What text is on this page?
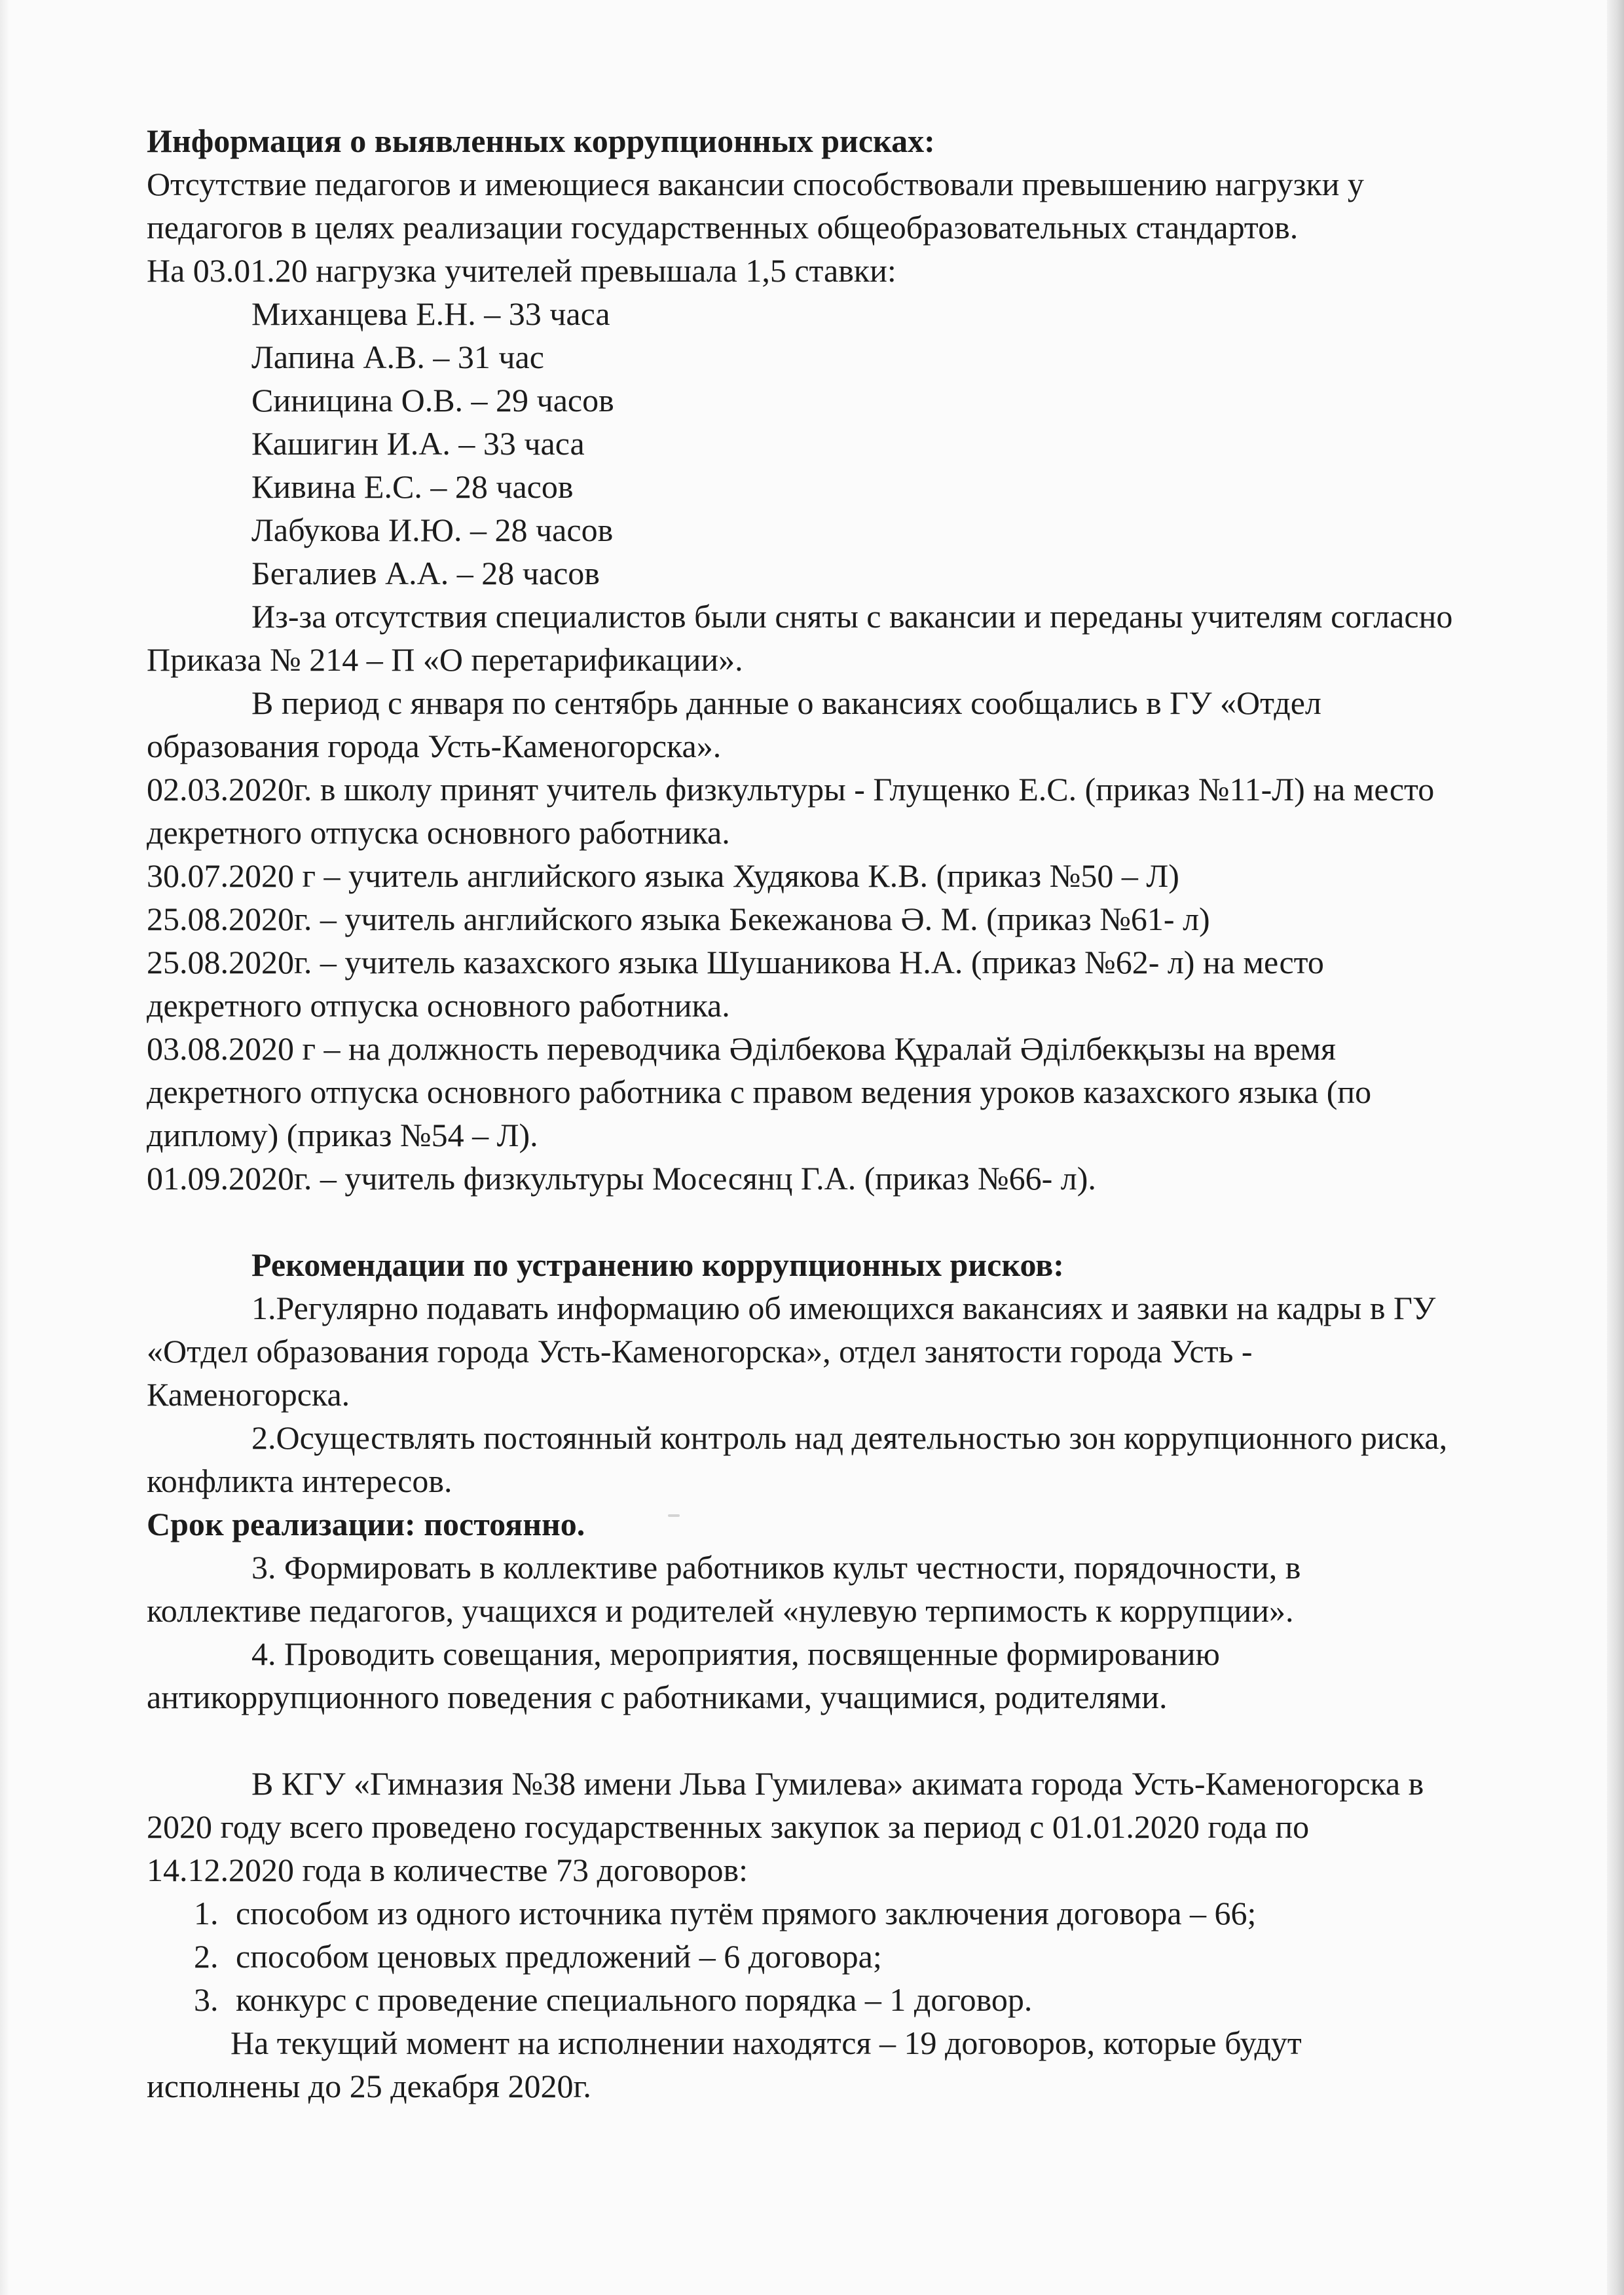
Информация о выявленных коррупционных рисках:

Отсутствие педагогов и имеющиеся вакансии способствовали превышению нагрузки у педагогов в целях реализации государственных общеобразовательных стандартов.

На 03.01.20 нагрузка учителей превышала 1,5 ставки:

Миханцева Е.Н. – 33 часа
Лапина А.В. – 31 час
Синицина О.В. – 29 часов
Кашигин И.А. – 33 часа
Кивина Е.С. – 28 часов
Лабукова И.Ю. – 28 часов
Бегалиев А.А. – 28 часов

Из-за отсутствия специалистов были сняты с вакансии и переданы учителям согласно Приказа № 214 – П «О перетарификации».

В период с января по сентябрь данные о вакансиях сообщались в ГУ «Отдел образования города Усть-Каменогорска».

02.03.2020г. в школу принят учитель физкультуры - Глущенко Е.С. (приказ №11-Л) на место декретного отпуска основного работника.

30.07.2020 г – учитель английского языка Худякова К.В. (приказ №50 – Л)

25.08.2020г. – учитель английского языка Бекежанова Ә. М. (приказ №61- л)

25.08.2020г. – учитель казахского языка Шушаникова Н.А. (приказ №62- л) на место декретного отпуска основного работника.

03.08.2020 г – на должность переводчика Әділбекова Құралай Әділбекқызы на время декретного отпуска основного работника с правом ведения уроков казахского языка (по диплому) (приказ №54 – Л).

01.09.2020г. – учитель физкультуры Мосесянц Г.А. (приказ №66- л).

Рекомендации по устранению коррупционных рисков:

1.Регулярно подавать информацию об имеющихся вакансиях и заявки на кадры в ГУ «Отдел образования города Усть-Каменогорска», отдел занятости города Усть - Каменогорска.

2.Осуществлять постоянный контроль над деятельностью зон коррупционного риска, конфликта интересов.

Срок реализации: постоянно.

3. Формировать в коллективе работников культ честности, порядочности, в коллективе педагогов, учащихся и родителей «нулевую терпимость к коррупции».

4. Проводить совещания, мероприятия, посвященные формированию антикоррупционного поведения с работниками, учащимися, родителями.

В КГУ «Гимназия №38 имени Льва Гумилева» акимата города Усть-Каменогорска в 2020 году всего проведено государственных закупок за период с 01.01.2020 года по 14.12.2020 года в количестве 73 договоров:

1. способом из одного источника путём прямого заключения договора – 66;
2. способом ценовых предложений – 6 договора;
3. конкурс с проведение специального порядка – 1 договор.

На текущий момент на исполнении находятся – 19 договоров, которые будут исполнены до 25 декабря 2020г.
